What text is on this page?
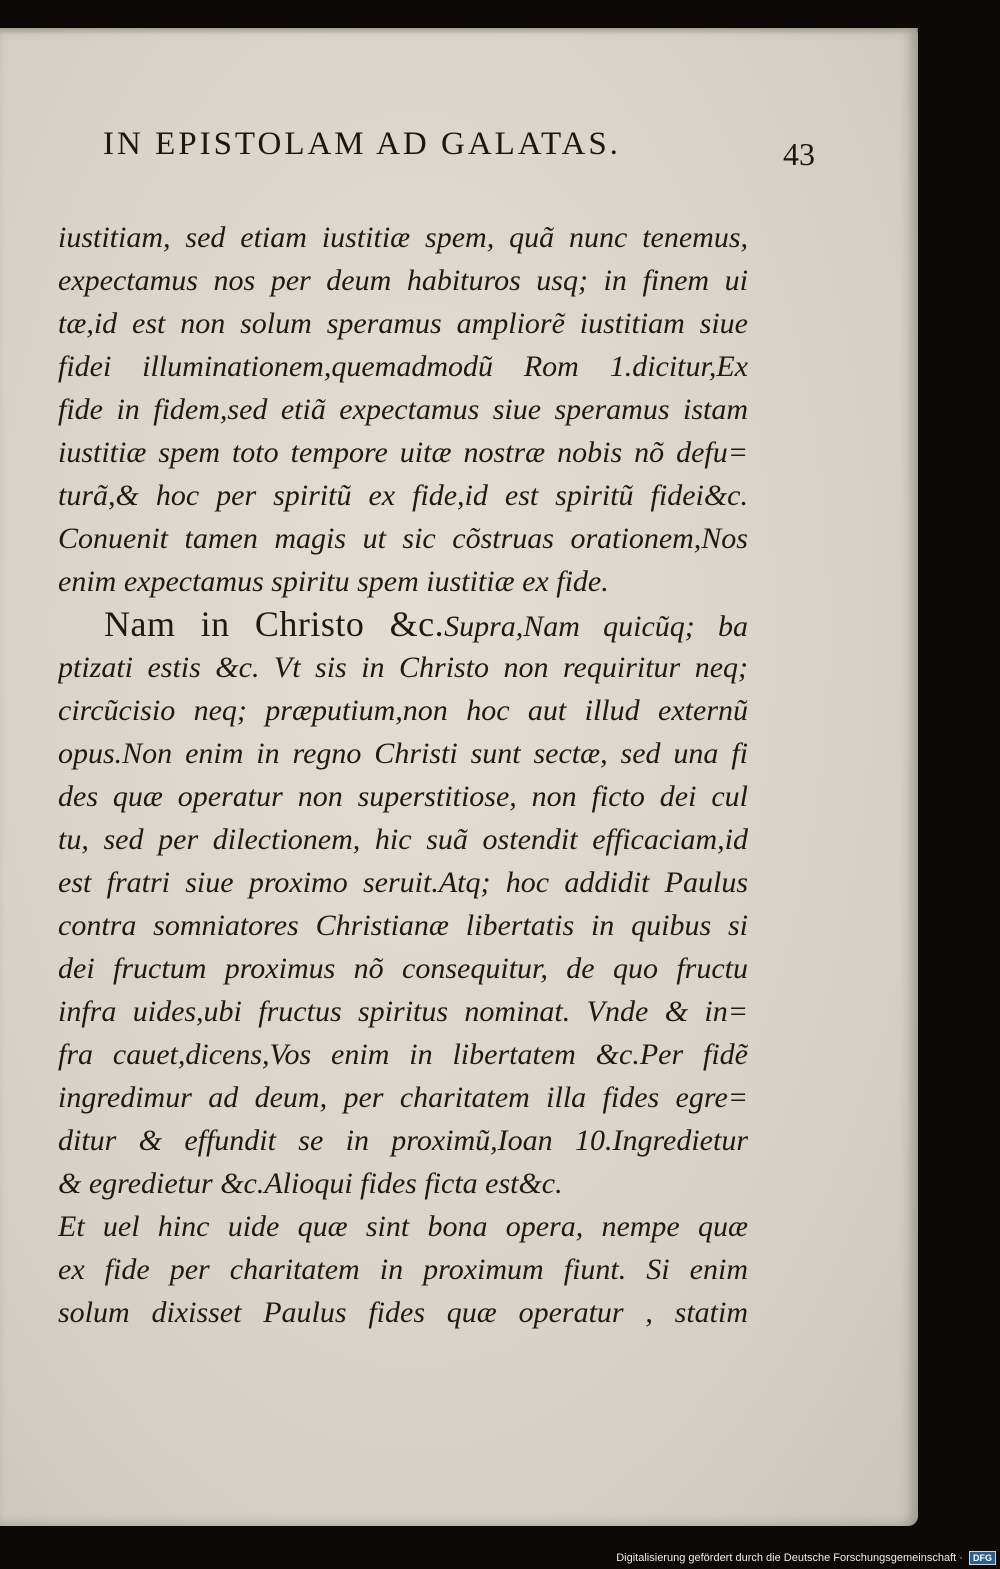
IN EPISTOLAM AD GALATAS.	43
iustitiam, sed etiam iustitiæ spem, quã nunc tenemus,
expectamus nos per deum habituros usq; in finem ui
tæ,id est non solum speramus ampliorẽ iustitiam siue
fidei illuminationem,quemadmodũ Rom 1.dicitur,Ex
fide in fidem,sed etiã expectamus siue speramus istam
iustitiæ spem toto tempore uitæ nostræ nobis nõ defu=
turã,& hoc per spiritũ ex fide,id est spiritũ fidei&c.
Conuenit tamen magis ut sic cõstruas orationem,Nos
enim expectamus spiritu spem iustitiæ ex fide.
Nam in Christo &c.Supra,Nam quicũq; ba
ptizati estis &c. Vt sis in Christo non requiritur neq;
circũcisio neq; præputium,non hoc aut illud externũ
opus.Non enim in regno Christi sunt sectæ, sed una fi
des quæ operatur non superstitiose, non ficto dei cul
tu, sed per dilectionem, hic suã ostendit efficaciam,id
est fratri siue proximo seruit.Atq; hoc addidit Paulus
contra somniatores Christianæ libertatis in quibus si
dei fructum proximus nõ consequitur, de quo fructu
infra uides,ubi fructus spiritus nominat. Vnde & in=
fra cauet,dicens,Vos enim in libertatem &c.Per fidẽ
ingredimur ad deum, per charitatem illa fides egre=
ditur & effundit se in proximũ,Ioan 10.Ingredietur
& egredietur &c.Alioqui fides ficta est&c.
Et uel hinc uide quæ sint bona opera, nempe quæ
ex fide per charitatem in proximum fiunt. Si enim
solum dixisset Paulus fides quæ operatur , statim
Digitalisierung gefördert durch die Deutsche Forschungsgemeinschaft · DFG
